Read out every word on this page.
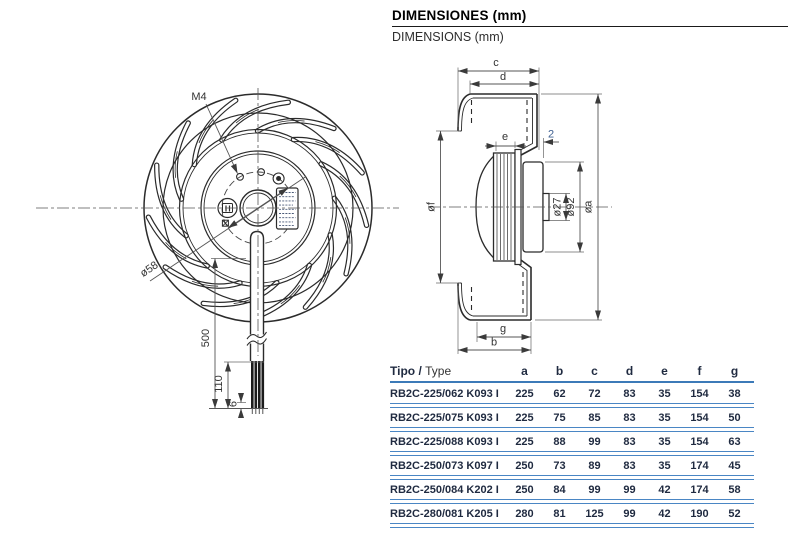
M4
ø58
500
110
6
c
d
e	2
øf	ø27 ø92 øa
g
b
DIMENSIONES (mm)
DIMENSIONS (mm)
Tipo / Type	a	b	c	d	e	f	g
RB2C-225/062 K093 I	225	62	72	83	35	154	38
RB2C-225/075 K093 I	225	75	85	83	35	154	50
RB2C-225/088 K093 I	225	88	99	83	35	154	63
RB2C-250/073 K097 I	250	73	89	83	35	174	45
RB2C-250/084 K202 I	250	84	99	99	42	174	58
RB2C-280/081 K205 I	280	81	125	99	42	190	52
